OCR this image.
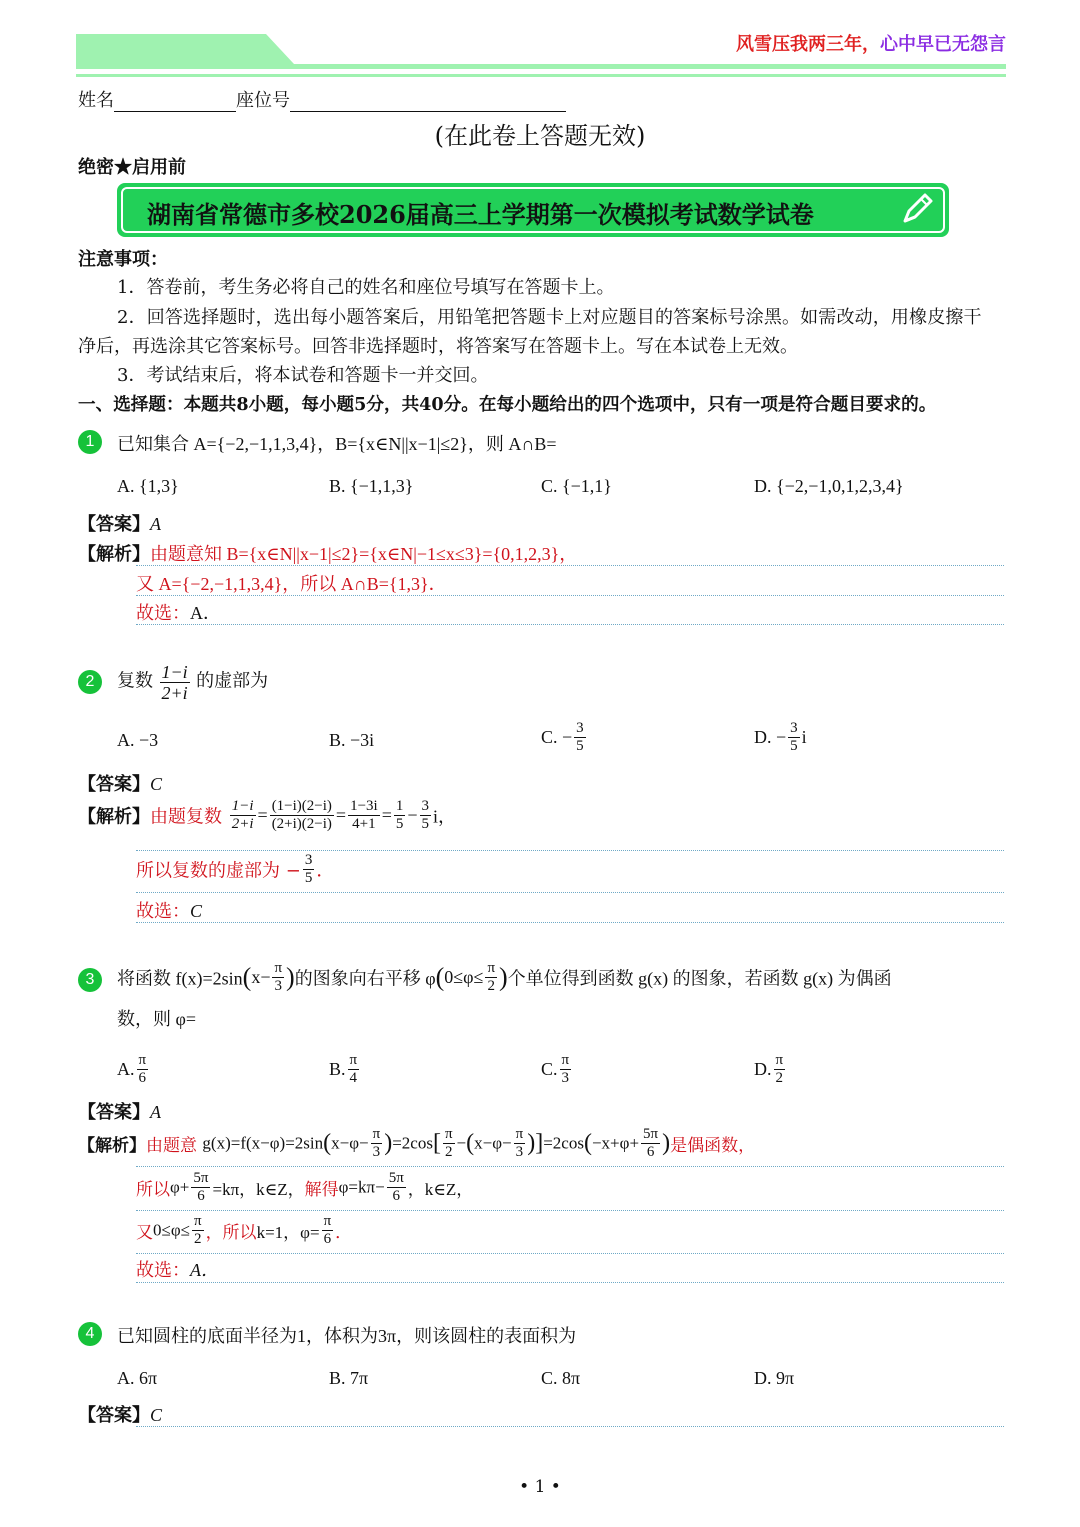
风雪压我两三年，心中早已无怨言
姓名	座位号
(在此卷上答题无效)
绝密★启用前
湖南省常德市多校2026届高三上学期第一次模拟考试数学试卷
注意事项：
1．答卷前，考生务必将自己的姓名和座位号填写在答题卡上。
2．回答选择题时，选出每小题答案后，用铅笔把答题卡上对应题目的答案标号涂黑。如需改动，用橡皮擦干
净后，再选涂其它答案标号。回答非选择题时，将答案写在答题卡上。写在本试卷上无效。
3．考试结束后，将本试卷和答题卡一并交回。
一、选择题：本题共8小题，每小题5分，共40分。在每小题给出的四个选项中，只有一项是符合题目要求的。
1	已知集合 A={−2,−1,1,3,4}，B={x∈N||x−1|≤2}，则 A∩B=
A. {1,3}	B. {−1,1,3}	C. {−1,1}	D. {−2,−1,0,1,2,3,4}
【答案】A
【解析】由题意知 B={x∈N||x−1|≤2}={x∈N|−1≤x≤3}={0,1,2,3}，
又 A={−2,−1,1,3,4}，所以 A∩B={1,3}．
故选：A．
2	复数 $\frac{1-i}{2+i}$ 的虚部为
A. −3	B. −3i	C. − $\frac{3}{5}$	D. − $\frac{3}{5}$ i
【答案】C
【解析】由题复数 $\frac{1-i}{2+i} = \frac{(1-i)(2-i)}{(2+i)(2-i)} = \frac{1-3i}{4+1} = \frac{1}{5} - \frac{3}{5}$ i，
所以复数的虚部为 − $\frac{3}{5}$ ．
故选：C
3	将函数 $f(x)=2\sin(x- \frac{\pi}{3}$ )的图象向右平移 $\varphi(0\le\varphi\le \frac{\pi}{2}$ )个单位得到函数 g(x) 的图象，若函数 g(x) 为偶函
数，则 φ=
A. $\frac{\pi}{6}$	B. $\frac{\pi}{4}$	C. $\frac{\pi}{3}$	D. $\frac{\pi}{2}$
【答案】A
【解析】由题意 $g(x)=f(x-\varphi)=2\sin(x-\varphi- \frac{\pi}{3} )=2\cos[ \frac{\pi}{2} -(x-\varphi- \frac{\pi}{3} )]=2\cos(-x+\varphi+ \frac{5\pi}{6}$ )是偶函数，
所以$\varphi+ \frac{5\pi}{6} =k\pi$，k∈Z，解得$\varphi=k\pi- \frac{5\pi}{6}$ ，k∈Z，
又$0\le\varphi\le \frac{\pi}{2}$ ，所以k=1，$\varphi= \frac{\pi}{6}$ ．
故选：A．
4	已知圆柱的底面半径为1，体积为3π，则该圆柱的表面积为
A. 6π	B. 7π	C. 8π	D. 9π
【答案】C
• 1 •
